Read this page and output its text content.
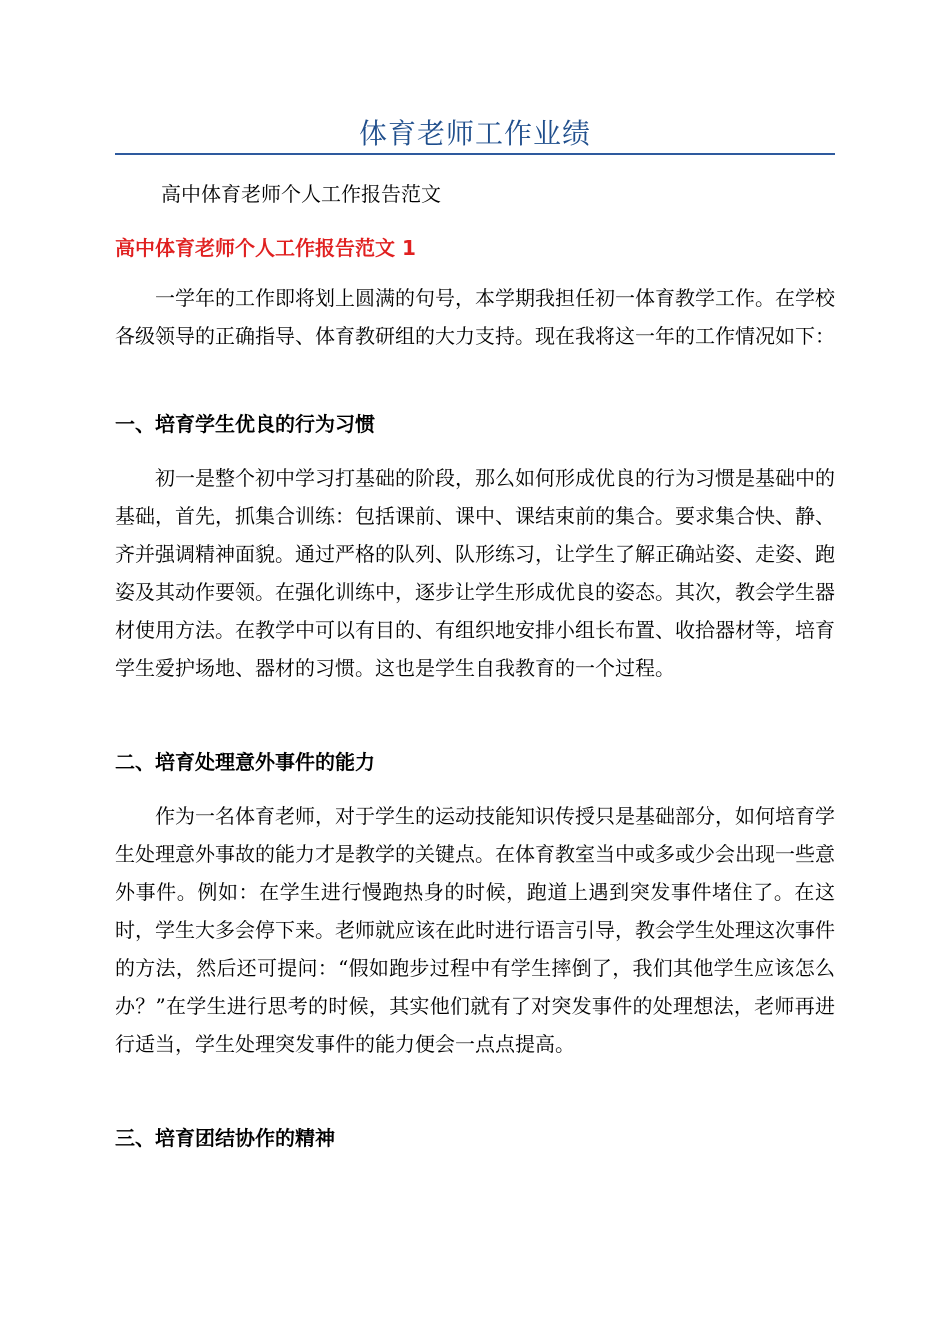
体育老师工作业绩
高中体育老师个人工作报告范文
高中体育老师个人工作报告范文 1

一学年的工作即将划上圆满的句号，本学期我担任初一体育教学工作。在学校各级领导的正确指导、体育教研组的大力支持。现在我将这一年的工作情况如下：

一、培育学生优良的行为习惯

初一是整个初中学习打基础的阶段，那么如何形成优良的行为习惯是基础中的基础，首先，抓集合训练：包括课前、课中、课结束前的集合。要求集合快、静、齐并强调精神面貌。通过严格的队列、队形练习，让学生了解正确站姿、走姿、跑姿及其动作要领。在强化训练中，逐步让学生形成优良的姿态。其次，教会学生器材使用方法。在教学中可以有目的、有组织地安排小组长布置、收拾器材等，培育学生爱护场地、器材的习惯。这也是学生自我教育的一个过程。

二、培育处理意外事件的能力

作为一名体育老师，对于学生的运动技能知识传授只是基础部分，如何培育学生处理意外事故的能力才是教学的关键点。在体育教室当中或多或少会出现一些意外事件。例如：在学生进行慢跑热身的时候，跑道上遇到突发事件堵住了。在这时，学生大多会停下来。老师就应该在此时进行语言引导，教会学生处理这次事件的方法，然后还可提问：“假如跑步过程中有学生摔倒了，我们其他学生应该怎么办？”在学生进行思考的时候，其实他们就有了对突发事件的处理想法，老师再进行适当，学生处理突发事件的能力便会一点点提高。

三、培育团结协作的精神
